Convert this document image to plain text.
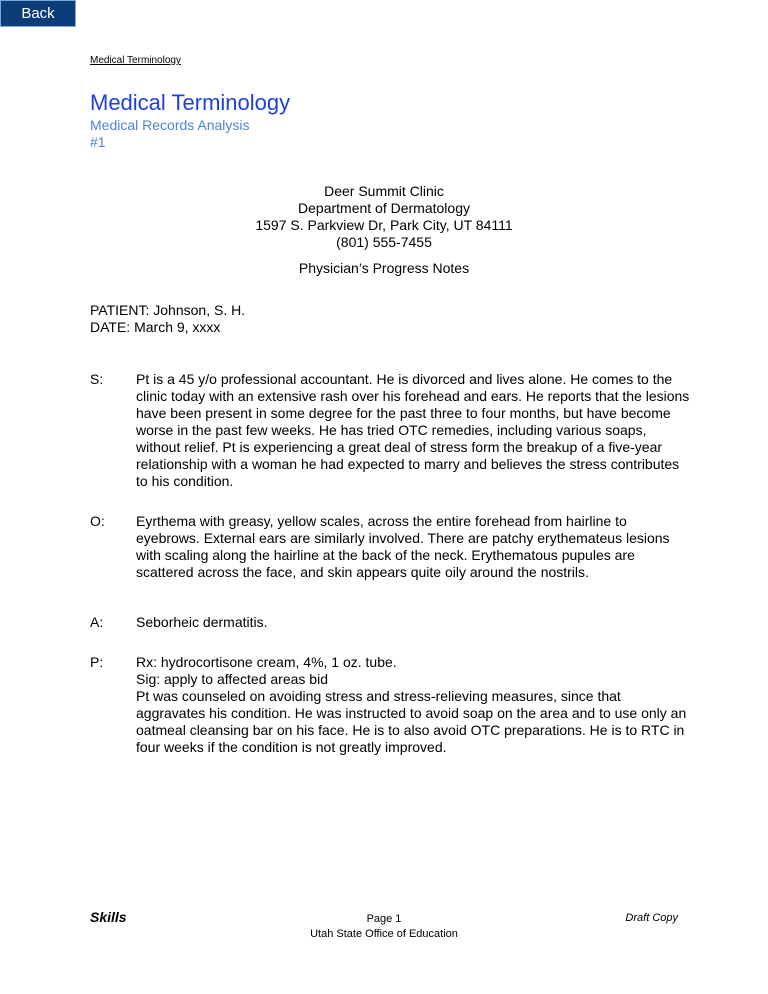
Back
Medical Terminology
Medical Terminology
Medical Records Analysis
#1
Deer Summit Clinic
Department of Dermatology
1597 S. Parkview Dr, Park City, UT 84111
(801) 555-7455
Physician’s Progress Notes
PATIENT: Johnson, S. H.
DATE: March 9, xxxx
S: Pt is a 45 y/o professional accountant. He is divorced and lives alone. He comes to the clinic today with an extensive rash over his forehead and ears. He reports that the lesions have been present in some degree for the past three to four months, but have become worse in the past few weeks. He has tried OTC remedies, including various soaps, without relief. Pt is experiencing a great deal of stress form the breakup of a five-year relationship with a woman he had expected to marry and believes the stress contributes to his condition.
O: Eyrthema with greasy, yellow scales, across the entire forehead from hairline to eyebrows. External ears are similarly involved. There are patchy erythemateus lesions with scaling along the hairline at the back of the neck. Erythematous pupules are scattered across the face, and skin appears quite oily around the nostrils.
A: Seborheic dermatitis.
P: Rx: hydrocortisone cream, 4%, 1 oz. tube.
Sig: apply to affected areas bid
Pt was counseled on avoiding stress and stress-relieving measures, since that aggravates his condition. He was instructed to avoid soap on the area and to use only an oatmeal cleansing bar on his face. He is to also avoid OTC preparations. He is to RTC in four weeks if the condition is not greatly improved.
Skills	Page 1
Utah State Office of Education
Draft Copy
